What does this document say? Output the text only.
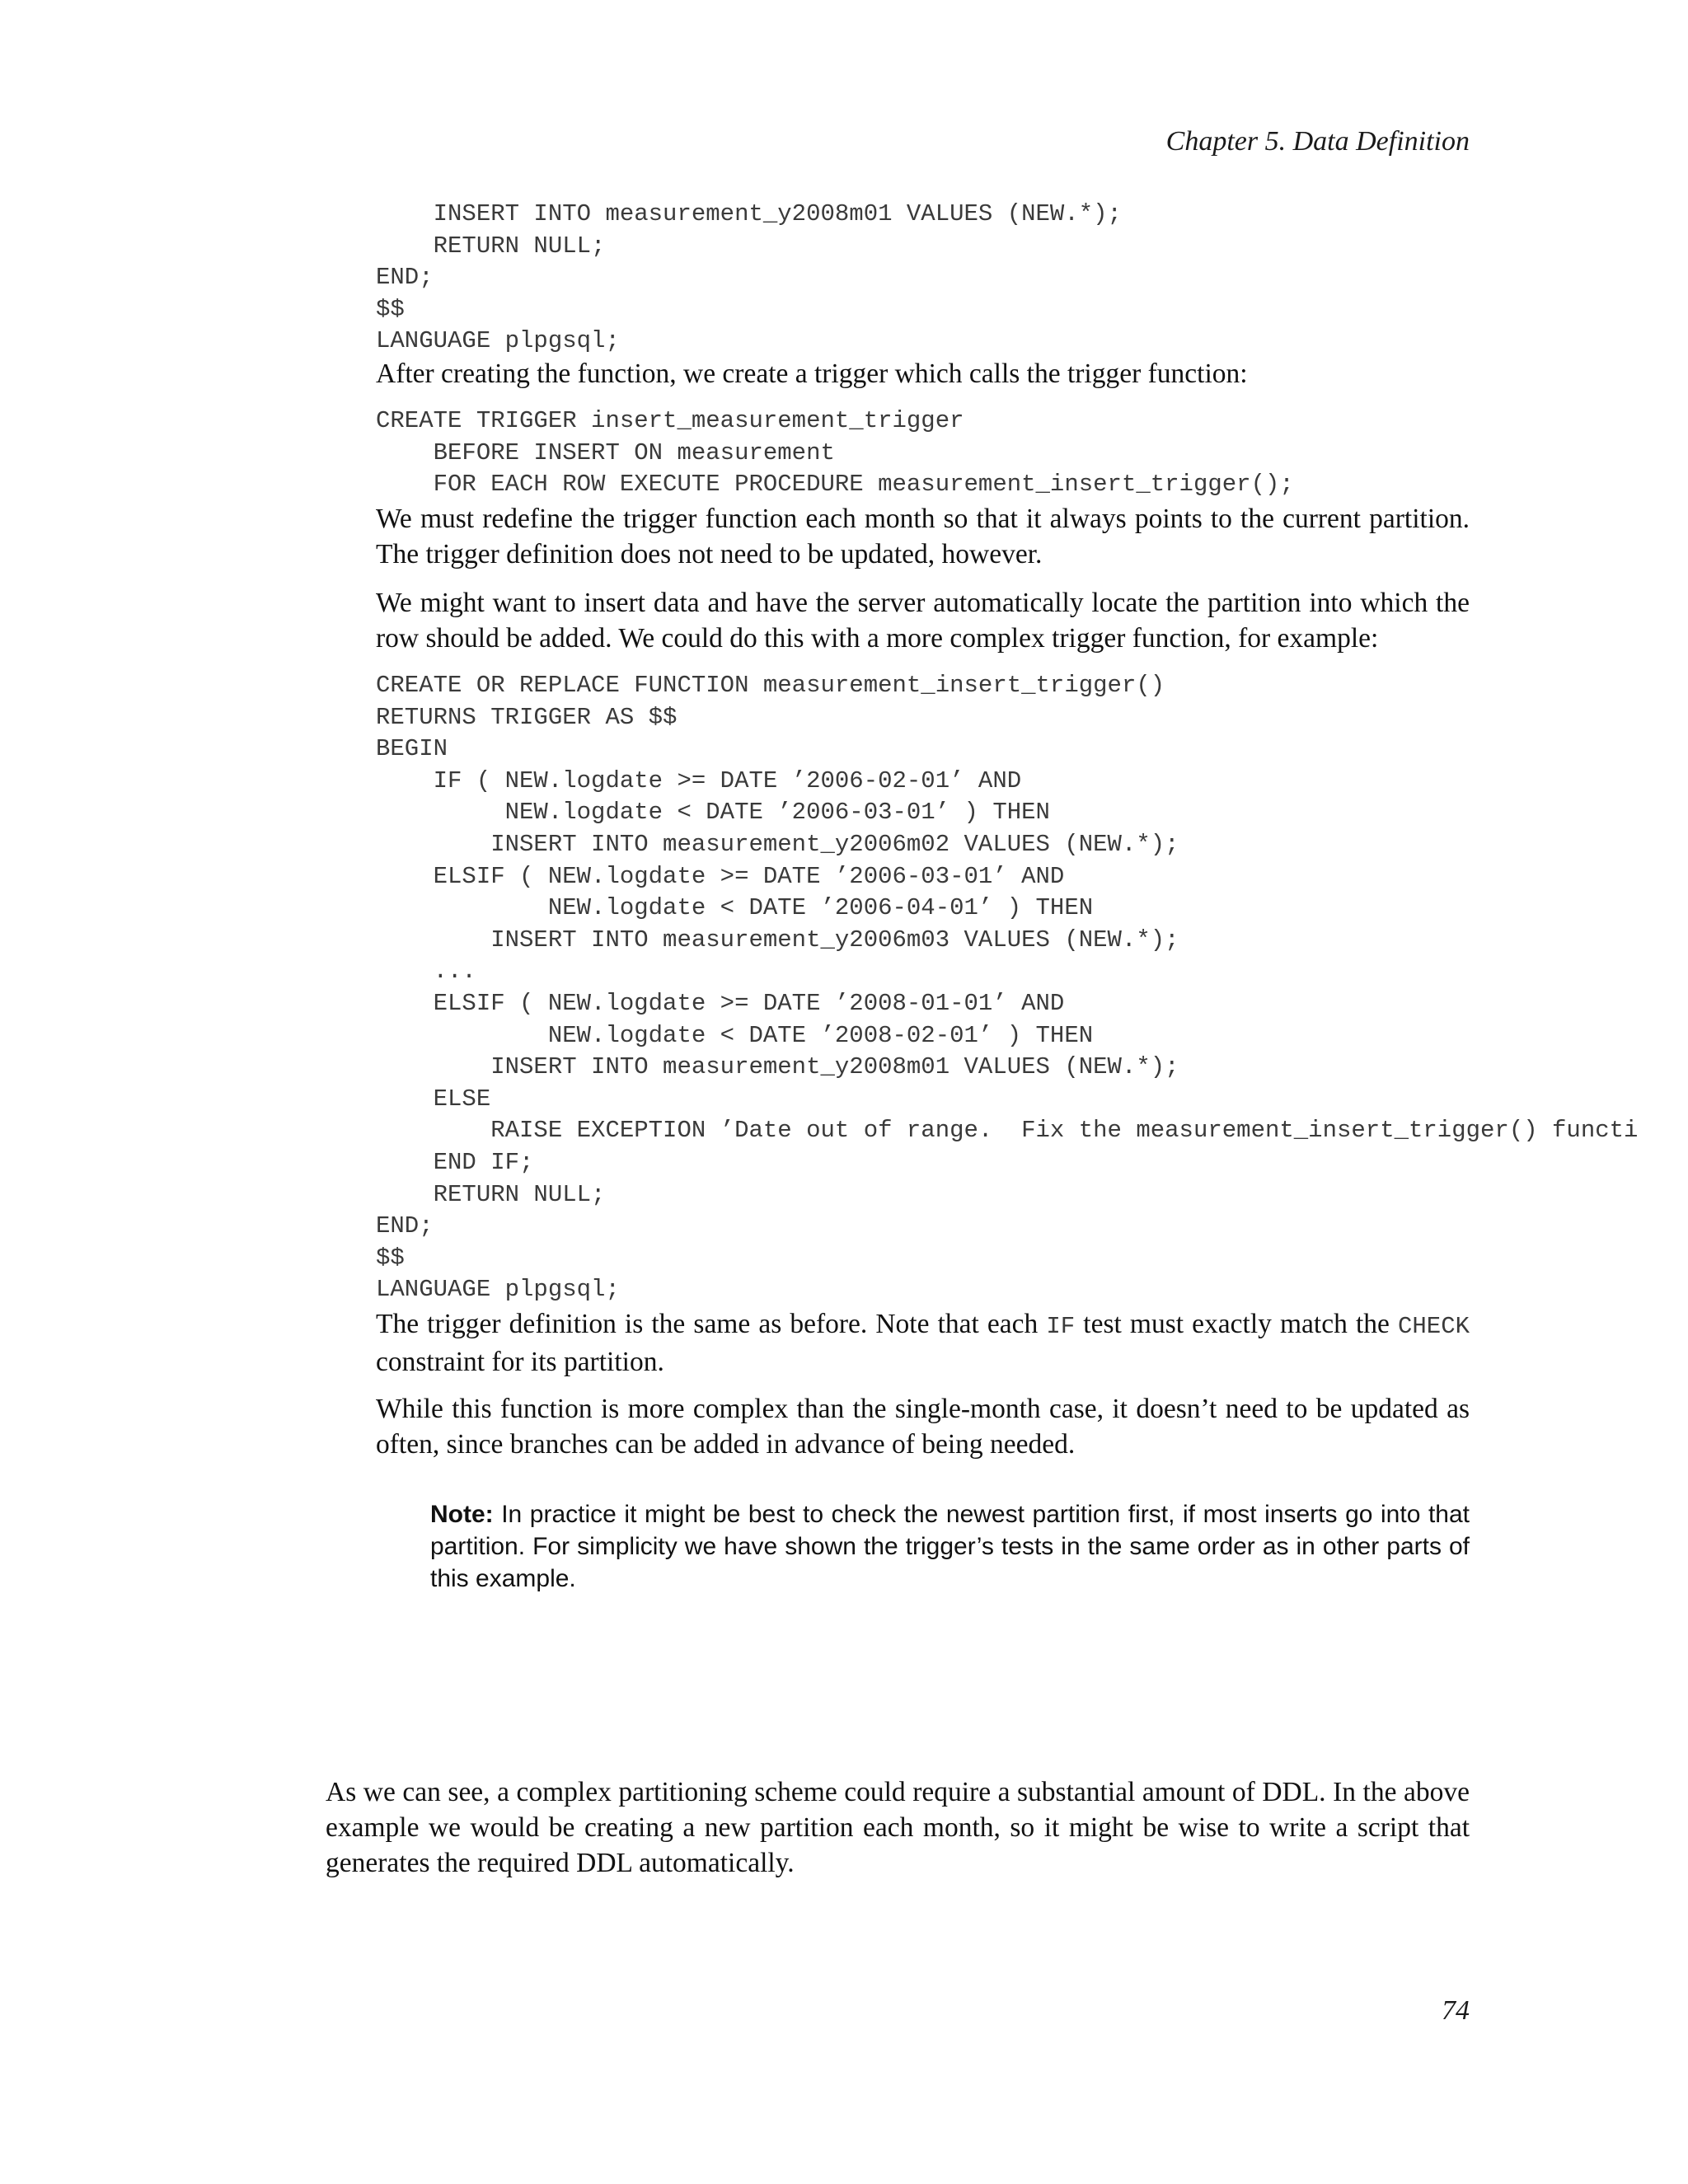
Chapter 5. Data Definition

INSERT INTO measurement_y2008m01 VALUES (NEW.*);
RETURN NULL;
END;
$$
LANGUAGE plpgsql;

After creating the function, we create a trigger which calls the trigger function:

CREATE TRIGGER insert_measurement_trigger
BEFORE INSERT ON measurement
FOR EACH ROW EXECUTE PROCEDURE measurement_insert_trigger();

We must redefine the trigger function each month so that it always points to the current partition. The trigger definition does not need to be updated, however.

We might want to insert data and have the server automatically locate the partition into which the row should be added. We could do this with a more complex trigger function, for example:

CREATE OR REPLACE FUNCTION measurement_insert_trigger()
RETURNS TRIGGER AS $$
BEGIN
IF ( NEW.logdate >= DATE ’2006-02-01’ AND
NEW.logdate < DATE ’2006-03-01’ ) THEN
INSERT INTO measurement_y2006m02 VALUES (NEW.*);
ELSIF ( NEW.logdate >= DATE ’2006-03-01’ AND
NEW.logdate < DATE ’2006-04-01’ ) THEN
INSERT INTO measurement_y2006m03 VALUES (NEW.*);
...
ELSIF ( NEW.logdate >= DATE ’2008-01-01’ AND
NEW.logdate < DATE ’2008-02-01’ ) THEN
INSERT INTO measurement_y2008m01 VALUES (NEW.*);
ELSE
RAISE EXCEPTION ’Date out of range.  Fix the measurement_insert_trigger() functi
END IF;
RETURN NULL;
END;
$$
LANGUAGE plpgsql;

The trigger definition is the same as before. Note that each IF test must exactly match the CHECK constraint for its partition.

While this function is more complex than the single-month case, it doesn’t need to be updated as often, since branches can be added in advance of being needed.

Note: In practice it might be best to check the newest partition first, if most inserts go into that partition. For simplicity we have shown the trigger’s tests in the same order as in other parts of this example.

As we can see, a complex partitioning scheme could require a substantial amount of DDL. In the above example we would be creating a new partition each month, so it might be wise to write a script that generates the required DDL automatically.

74
